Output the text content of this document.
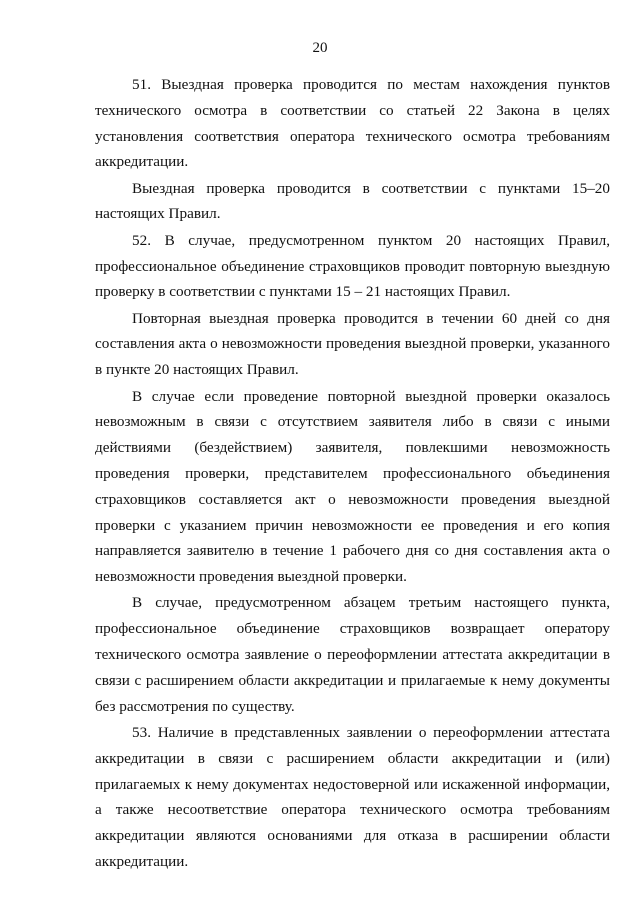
20

51. Выездная проверка проводится по местам нахождения пунктов технического осмотра в соответствии со статьей 22 Закона в целях установления соответствия оператора технического осмотра требованиям аккредитации.

Выездная проверка проводится в соответствии с пунктами 15–20 настоящих Правил.

52. В случае, предусмотренном пунктом 20 настоящих Правил, профессиональное объединение страховщиков проводит повторную выездную проверку в соответствии с пунктами 15 – 21 настоящих Правил.

Повторная выездная проверка проводится в течении 60 дней со дня составления акта о невозможности проведения выездной проверки, указанного в пункте 20 настоящих Правил.

В случае если проведение повторной выездной проверки оказалось невозможным в связи с отсутствием заявителя либо в связи с иными действиями (бездействием) заявителя, повлекшими невозможность проведения проверки, представителем профессионального объединения страховщиков составляется акт о невозможности проведения выездной проверки с указанием причин невозможности ее проведения и его копия направляется заявителю в течение 1 рабочего дня со дня составления акта о невозможности проведения выездной проверки.

В случае, предусмотренном абзацем третьим настоящего пункта, профессиональное объединение страховщиков возвращает оператору технического осмотра заявление о переоформлении аттестата аккредитации в связи с расширением области аккредитации и прилагаемые к нему документы без рассмотрения по существу.

53. Наличие в представленных заявлении о переоформлении аттестата аккредитации в связи с расширением области аккредитации и (или) прилагаемых к нему документах недостоверной или искаженной информации, а также несоответствие оператора технического осмотра требованиям аккредитации являются основаниями для отказа в расширении области аккредитации.
